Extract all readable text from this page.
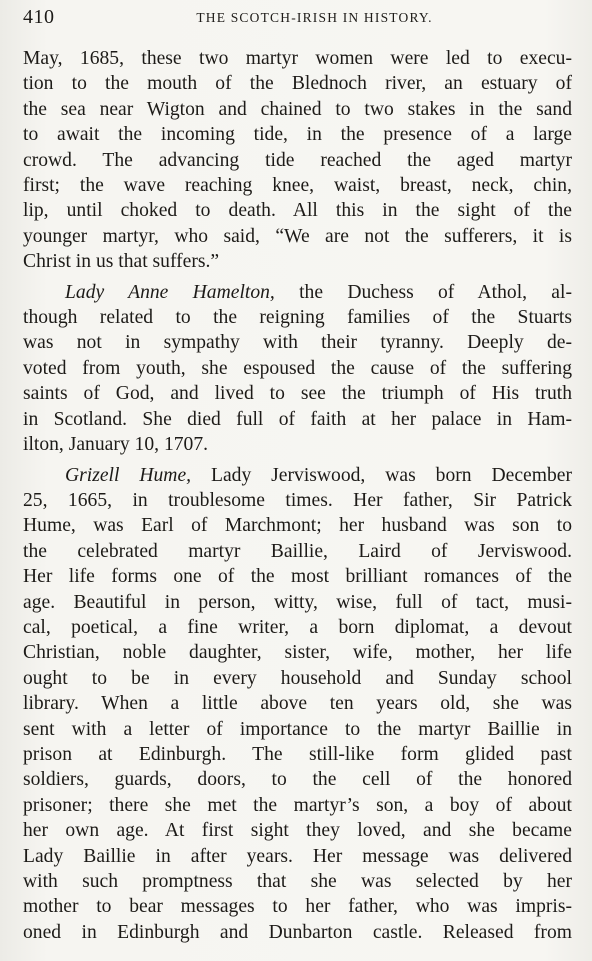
410	THE SCOTCH-IRISH IN HISTORY.
May, 1685, these two martyr women were led to execu-
tion to the mouth of the Blednoch river, an estuary of
the sea near Wigton and chained to two stakes in the sand
to await the incoming tide, in the presence of a large
crowd. The advancing tide reached the aged martyr
first; the wave reaching knee, waist, breast, neck, chin,
lip, until choked to death. All this in the sight of the
younger martyr, who said, “We are not the sufferers, it is
Christ in us that suffers.”
Lady Anne Hamelton, the Duchess of Athol, al-
though related to the reigning families of the Stuarts
was not in sympathy with their tyranny. Deeply de-
voted from youth, she espoused the cause of the suffering
saints of God, and lived to see the triumph of His truth
in Scotland. She died full of faith at her palace in Ham-
ilton, January 10, 1707.
Grizell Hume, Lady Jerviswood, was born December
25, 1665, in troublesome times. Her father, Sir Patrick
Hume, was Earl of Marchmont; her husband was son to
the celebrated martyr Baillie, Laird of Jerviswood.
Her life forms one of the most brilliant romances of the
age. Beautiful in person, witty, wise, full of tact, musi-
cal, poetical, a fine writer, a born diplomat, a devout
Christian, noble daughter, sister, wife, mother, her life
ought to be in every household and Sunday school
library. When a little above ten years old, she was
sent with a letter of importance to the martyr Baillie in
prison at Edinburgh. The still-like form glided past
soldiers, guards, doors, to the cell of the honored
prisoner; there she met the martyr’s son, a boy of about
her own age. At first sight they loved, and she became
Lady Baillie in after years. Her message was delivered
with such promptness that she was selected by her
mother to bear messages to her father, who was impris-
oned in Edinburgh and Dunbarton castle. Released from
